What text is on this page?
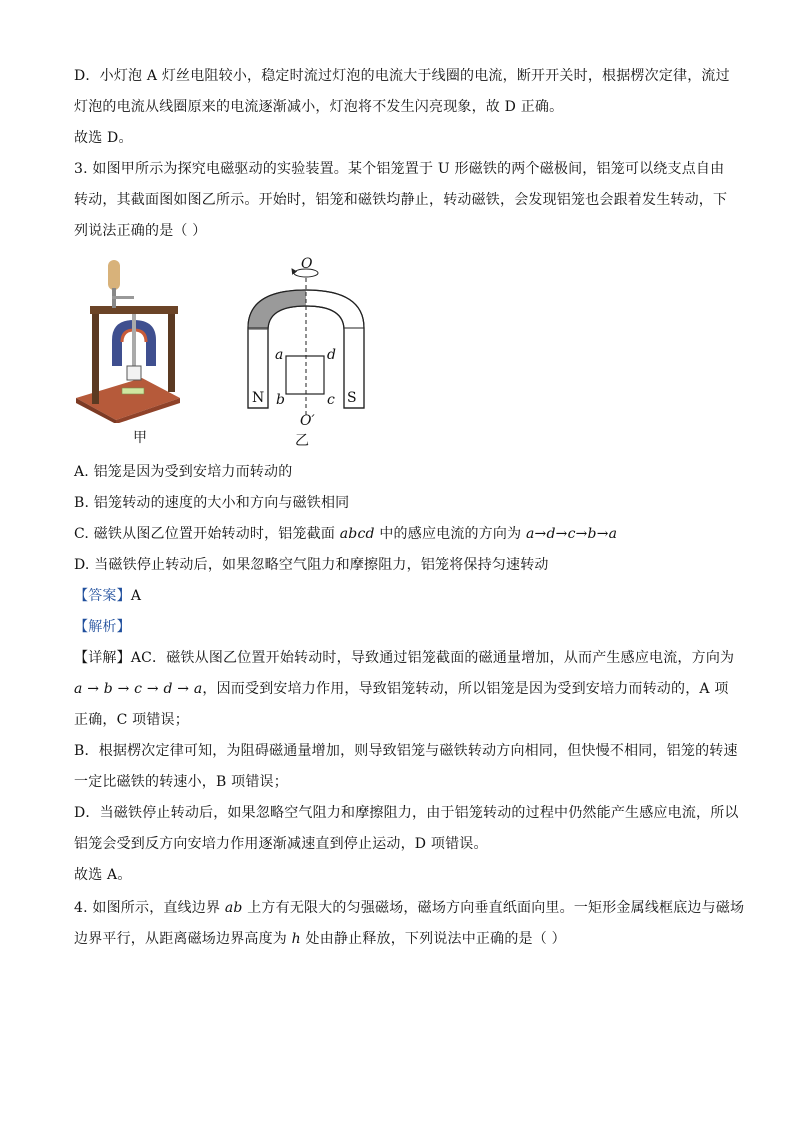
D．小灯泡 A 灯丝电阻较小，稳定时流过灯泡的电流大于线圈的电流，断开开关时，根据楞次定律，流过
灯泡的电流从线圈原来的电流逐渐减小，灯泡将不发生闪亮现象，故 D 正确。
故选 D。
3. 如图甲所示为探究电磁驱动的实验装置。某个铝笼置于 U 形磁铁的两个磁极间，铝笼可以绕支点自由
转动，其截面图如图乙所示。开始时，铝笼和磁铁均静止，转动磁铁，会发现铝笼也会跟着发生转动，下
列说法正确的是（ ）
甲
O
a	d
b	c
N	S
O′
乙
A. 铝笼是因为受到安培力而转动的
B. 铝笼转动的速度的大小和方向与磁铁相同
C. 磁铁从图乙位置开始转动时，铝笼截面 abcd 中的感应电流的方向为 a→d→c→b→a
D. 当磁铁停止转动后，如果忽略空气阻力和摩擦阻力，铝笼将保持匀速转动
【答案】A
【解析】
【详解】AC．磁铁从图乙位置开始转动时，导致通过铝笼截面的磁通量增加，从而产生感应电流，方向为
a → b → c → d → a，因而受到安培力作用，导致铝笼转动，所以铝笼是因为受到安培力而转动的，A 项
正确，C 项错误；
B．根据楞次定律可知，为阻碍磁通量增加，则导致铝笼与磁铁转动方向相同，但快慢不相同，铝笼的转速
一定比磁铁的转速小，B 项错误；
D．当磁铁停止转动后，如果忽略空气阻力和摩擦阻力，由于铝笼转动的过程中仍然能产生感应电流，所以
铝笼会受到反方向安培力作用逐渐减速直到停止运动，D 项错误。
故选 A。
4. 如图所示，直线边界 ab 上方有无限大的匀强磁场，磁场方向垂直纸面向里。一矩形金属线框底边与磁场
边界平行，从距离磁场边界高度为 h 处由静止释放，下列说法中正确的是（ ）
